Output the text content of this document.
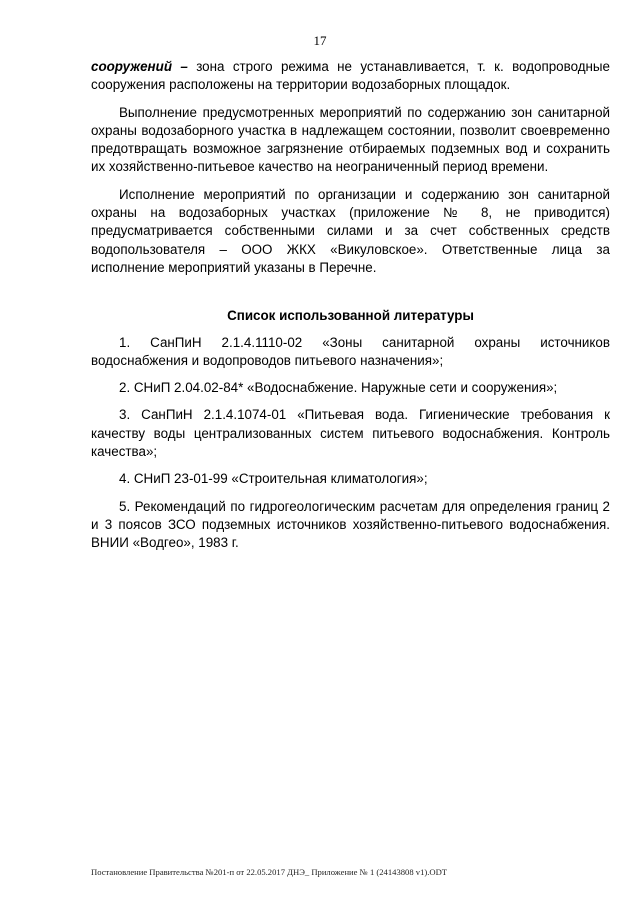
17

сооружений – зона строго режима не устанавливается, т. к. водопроводные сооружения расположены на территории водозаборных площадок.

Выполнение предусмотренных мероприятий по содержанию зон санитарной охраны водозаборного участка в надлежащем состоянии, позволит своевременно предотвращать возможное загрязнение отбираемых подземных вод и сохранить их хозяйственно-питьевое качество на неограниченный период времени.

Исполнение мероприятий по организации и содержанию зон санитарной охраны на водозаборных участках (приложение № 8, не приводится) предусматривается собственными силами и за счет собственных средств водопользователя – ООО ЖКХ «Викуловское». Ответственные лица за исполнение мероприятий указаны в Перечне.

Список использованной литературы

1. СанПиН 2.1.4.1110-02 «Зоны санитарной охраны источников водоснабжения и водопроводов питьевого назначения»;

2. СНиП 2.04.02-84* «Водоснабжение. Наружные сети и сооружения»;

3. СанПиН 2.1.4.1074-01 «Питьевая вода. Гигиенические требования к качеству воды централизованных систем питьевого водоснабжения. Контроль качества»;

4. СНиП 23-01-99 «Строительная климатология»;

5. Рекомендаций по гидрогеологическим расчетам для определения границ 2 и 3 поясов ЗСО подземных источников хозяйственно-питьевого водоснабжения. ВНИИ «Водгео», 1983 г.

Постановление Правительства №201-п от 22.05.2017 ДНЭ_ Приложение № 1 (24143808 v1).ODT
